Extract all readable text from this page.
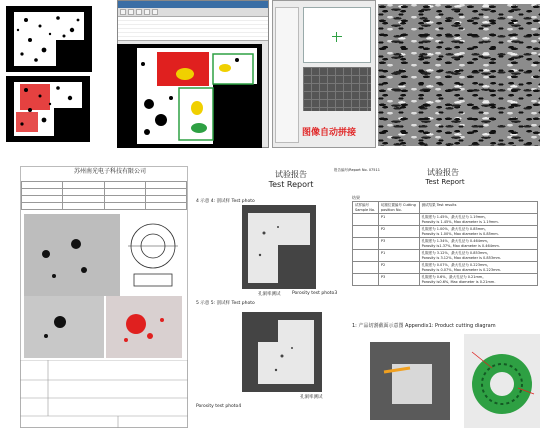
图像自动拼接

苏州南光电子科技有限公司	试验报告
Test Report
报告编号/Report No. 07511
4 示意 4: 剖试样 Test photo
孔洞率测试	Porosity test photo3
5 示意 5: 剖试样 Test photo
孔洞率测试
Porosity test photo4
试验报告
Test Report
结果
试样编号 Sample No.	切割位置编号 Cutting position No.	测试结果 Test results
	P1	孔隙度为 1.45%，最大孔径为 1.19mm。
Porosity is 1.45%, Max diameter is 1.19mm.

	P2	孔隙度为 1.00%，最大孔径为 0.85mm。
Porosity is 1.00%, Max diameter is 0.85mm.

	P3	孔隙度为 1.34%，最大孔径为 0.464mm。
Porosity is1.37%, Max diameter is 0.464mm.

	P1	孔隙度为 3.12%，最大孔径为 0.853mm。
Porosity is 3.12%, Max diameter is 0.853mm.

	P2	孔隙度为 0.07%，最大孔径为 0.223mm。
Porosity is 0.07%, Max diameter is 0.223mm.

	P3	孔隙度为 0.6%，最大孔径为 0.21mm。
Porosity is0.6%, Max diameter is 0.21mm.
1: 产品切割截面示意图 Appendix1: Product cutting diagram
